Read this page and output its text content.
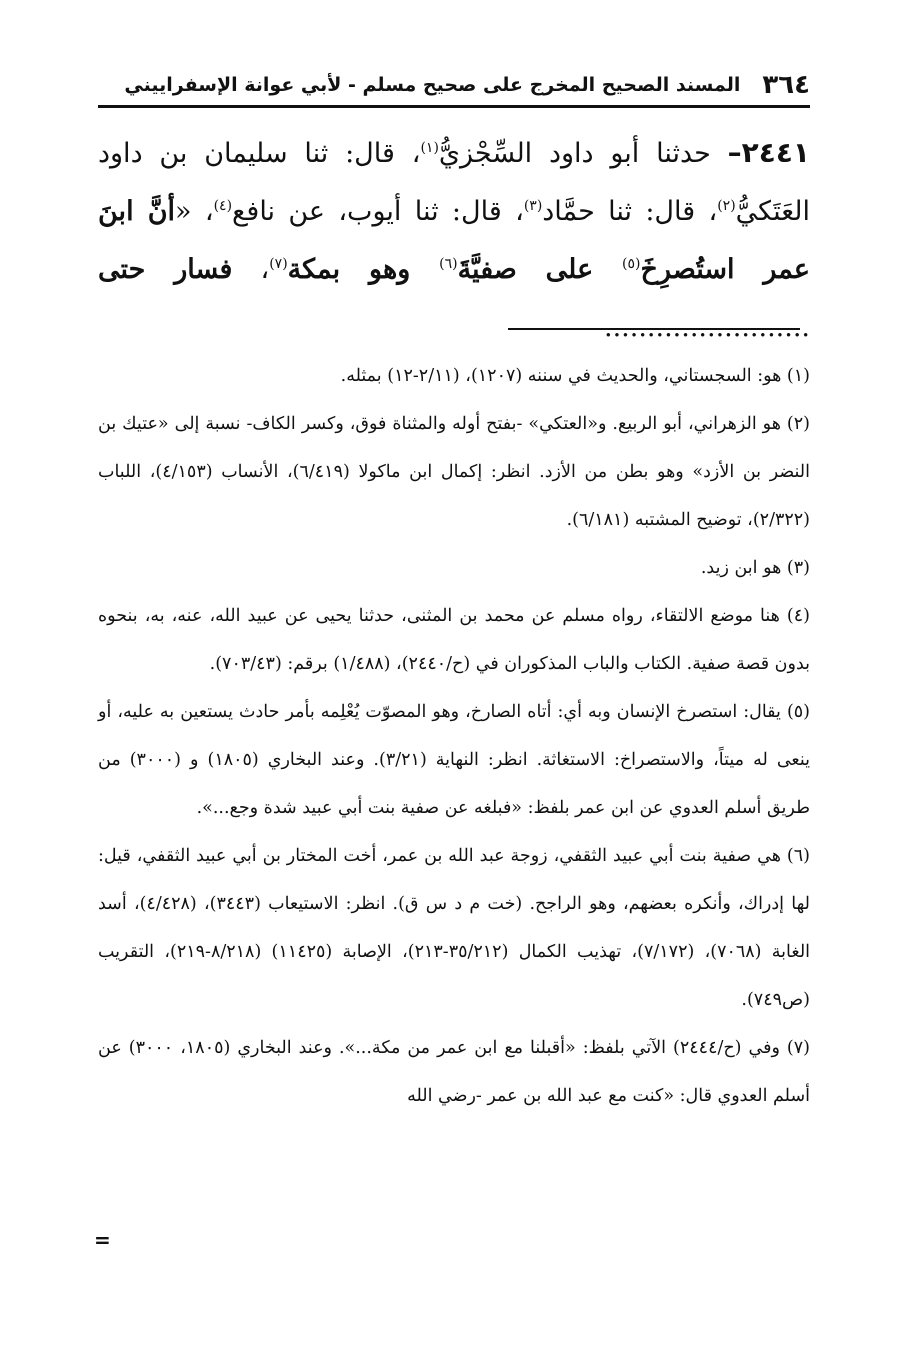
٣٦٤
المسند الصحيح المخرج على صحيح مسلم - لأبي عوانة الإسفراييني
٢٤٤١– حدثنا أبو داود السِّجْزيُّ$^{(١)}$، قال: ثنا سليمان بن داود العَتَكيُّ$^{(٢)}$، قال: ثنا حمَّاد$^{(٣)}$، قال: ثنا أيوب، عن نافع$^{(٤)}$، «أنَّ ابنَ عمر استُصرِخَ$^{(٥)}$ على صفيَّةَ$^{(٦)}$ وهو بمكة$^{(٧)}$، فسار حتى ........................

(١) هو: السجستاني، والحديث في سننه (١٢٠٧)، (٢/١١-١٢) بمثله.

(٢) هو الزهراني، أبو الربيع. و«العتكي» -بفتح أوله والمثناة فوق، وكسر الكاف- نسبة إلى «عتيك بن النضر بن الأزد» وهو بطن من الأزد. انظر: إكمال ابن ماكولا (٦/٤١٩)، الأنساب (٤/١٥٣)، اللباب (٢/٣٢٢)، توضيح المشتبه (٦/١٨١).

(٣) هو ابن زيد.

(٤) هنا موضع الالتقاء، رواه مسلم عن محمد بن المثنى، حدثنا يحيى عن عبيد الله، عنه، به، بنحوه بدون قصة صفية. الكتاب والباب المذكوران في (ح/٢٤٤٠)، (١/٤٨٨) برقم: (٧٠٣/٤٣).

(٥) يقال: استصرخ الإنسان وبه أي: أتاه الصارخ، وهو المصوّت يُعْلِمه بأمر حادث يستعين به عليه، أو ينعى له ميتاً، والاستصراخ: الاستغاثة. انظر: النهاية (٣/٢١). وعند البخاري (١٨٠٥) و (٣٠٠٠) من طريق أسلم العدوي عن ابن عمر بلفظ: «فبلغه عن صفية بنت أبي عبيد شدة وجع...».

(٦) هي صفية بنت أبي عبيد الثقفي، زوجة عبد الله بن عمر، أخت المختار بن أبي عبيد الثقفي، قيل: لها إدراك، وأنكره بعضهم، وهو الراجح. (خت م د س ق). انظر: الاستيعاب (٣٤٤٣)، (٤/٤٢٨)، أسد الغابة (٧٠٦٨)، (٧/١٧٢)، تهذيب الكمال (٣٥/٢١٢-٢١٣)، الإصابة (١١٤٢٥) (٨/٢١٨-٢١٩)، التقريب (ص٧٤٩).

(٧) وفي (ح/٢٤٤٤) الآتي بلفظ: «أقبلنا مع ابن عمر من مكة...». وعند البخاري (١٨٠٥، ٣٠٠٠) عن أسلم العدوي قال: «كنت مع عبد الله بن عمر -رضي الله

=
